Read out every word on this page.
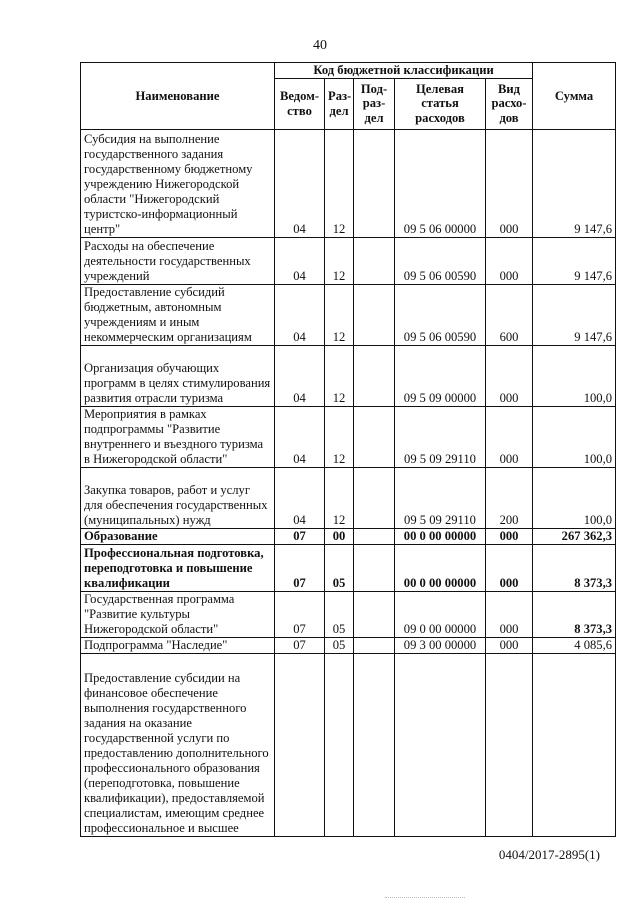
40
Наименование	Код бюджетной классификации					Сумма
	Ведом-ство	Раз-дел	Под-раз-дел	Целевая статья расходов	Вид расхо-дов	
Субсидия на выполнение государственного задания государственному бюджетному учреждению Нижегородской области "Нижегородский туристско-информационный центр"	04	12		09 5 06 00000	000	9 147,6
Расходы на обеспечение деятельности государственных учреждений	04	12		09 5 06 00590	000	9 147,6
Предоставление субсидий бюджетным, автономным учреждениям и иным некоммерческим организациям	04	12		09 5 06 00590	600	9 147,6
Организация обучающих программ в целях стимулирования развития отрасли туризма	04	12		09 5 09 00000	000	100,0
Мероприятия в рамках подпрограммы "Развитие внутреннего и въездного туризма в Нижегородской области"	04	12		09 5 09 29110	000	100,0
Закупка товаров, работ и услуг для обеспечения государственных (муниципальных) нужд	04	12		09 5 09 29110	200	100,0
Образование	07	00		00 0 00 00000	000	267 362,3
Профессиональная подготовка, переподготовка и повышение квалификации	07	05		00 0 00 00000	000	8 373,3
Государственная программа "Развитие культуры Нижегородской области"	07	05		09 0 00 00000	000	8 373,3
Подпрограмма "Наследие"	07	05		09 3 00 00000	000	4 085,6
Предоставление субсидии на финансовое обеспечение выполнения государственного задания на оказание государственной услуги по предоставлению дополнительного профессионального образования (переподготовка, повышение квалификации), предоставляемой специалистам, имеющим среднее профессиональное и высшее						
0404/2017-2895(1)
